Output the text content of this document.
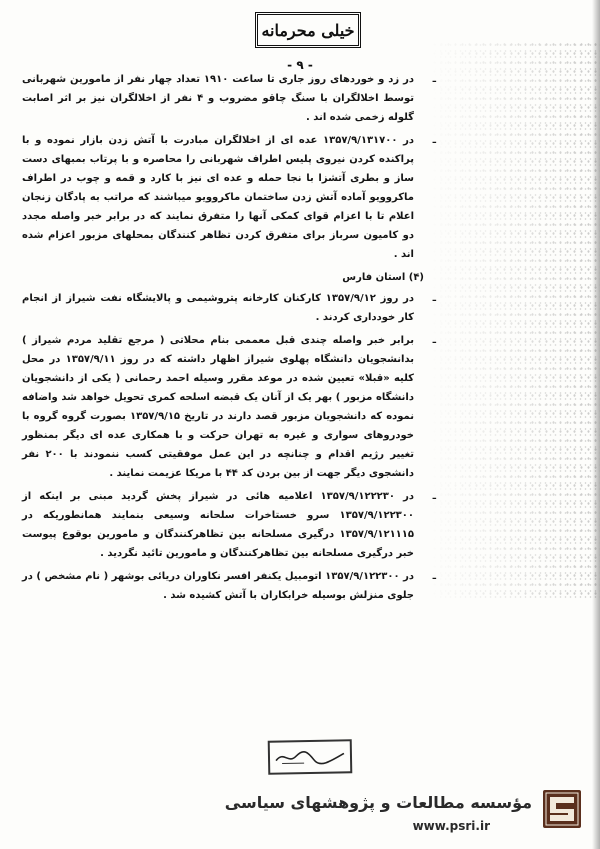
خیلی محرمانه
- ۹ -
ـ
در زد و خوردهای روز جاری تا ساعت ۱۹۱۰ تعداد چهار نفر از مامورین شهربانی توسط اخلالگران با سنگ چاقو مضروب و ۴ نفر از اخلالگران نیز بر اثر اصابت گلوله زخمی شده اند .
ـ
در ۱۳۵۷/۹/۱۳۱۷۰۰ عده ای از اخلالگران مبادرت با آتش زدن بازار نموده و با پراکنده کردن نیروی پلیس اطراف شهربانی را محاصره و با پرتاب بمبهای دست ساز و بطری آتشزا با نجا حمله و عده ای نیز با کارد و قمه و چوب در اطراف ماکروویو آماده آتش زدن ساختمان ماکروویو میباشند که مراتب به پادگان زنجان اعلام تا با اعزام قوای کمکی آنها را متفرق نمایند که در برابر خبر واصله مجدد دو کامیون سرباز برای متفرق کردن تظاهر کنندگان بمحلهای مزبور اعزام شده اند .
(۴) استان فارس
ـ
در روز ۱۳۵۷/۹/۱۲ کارکنان کارخانه پتروشیمی و پالایشگاه نفت شیراز از انجام کار خودداری کردند .
ـ
برابر خبر واصله چندی قبل معممی بنام محلاتی ( مرجع تقلید مردم شیراز ) بدانشجویان دانشگاه پهلوی شیراز اظهار داشته که در روز ۱۳۵۷/۹/۱۱ در محل کلیه «قبلا» تعیین شده در موعد مقرر وسیله احمد رحمانی ( یکی از دانشجویان دانشگاه مزبور ) بهر یک از آنان یک قبضه اسلحه کمری تحویل خواهد شد واضافه نموده که دانشجویان مزبور قصد دارند در تاریخ ۱۳۵۷/۹/۱۵ بصورت گروه گروه با خودروهای سواری و غیره به تهران حرکت و با همکاری عده ای دیگر بمنظور تغییر رژیم اقدام و چنانچه در این عمل موفقیتی کسب ننمودند با ۲۰۰ نفر دانشجوی دیگر جهت از بین بردن کد ۴۴ با مریکا عزیمت نمایند .
ـ
در ۱۳۵۷/۹/۱۲۲۲۳۰ اعلامیه هائی در شیراز پخش گردید مبنی بر اینکه از ۱۳۵۷/۹/۱۲۲۳۰۰ سرو خستاخرات سلحانه وسیعی بنمایند همانطوریکه در ۱۳۵۷/۹/۱۲۱۱۱۵ درگیری مسلحانه بین تظاهرکنندگان و مامورین بوقوع پیوست خبر درگیری مسلحانه بین تظاهرکنندگان و مامورین تائید نگردید .
ـ
در ۱۳۵۷/۹/۱۲۲۳۰۰ اتومبیل یکنفر افسر نکاوران دریائی بوشهر ( نام مشخص ) در جلوی منزلش بوسیله خرابکاران با آتش کشیده شد .
مؤسسه مطالعات و پژوهشهای سیاسی
www.psri.ir
